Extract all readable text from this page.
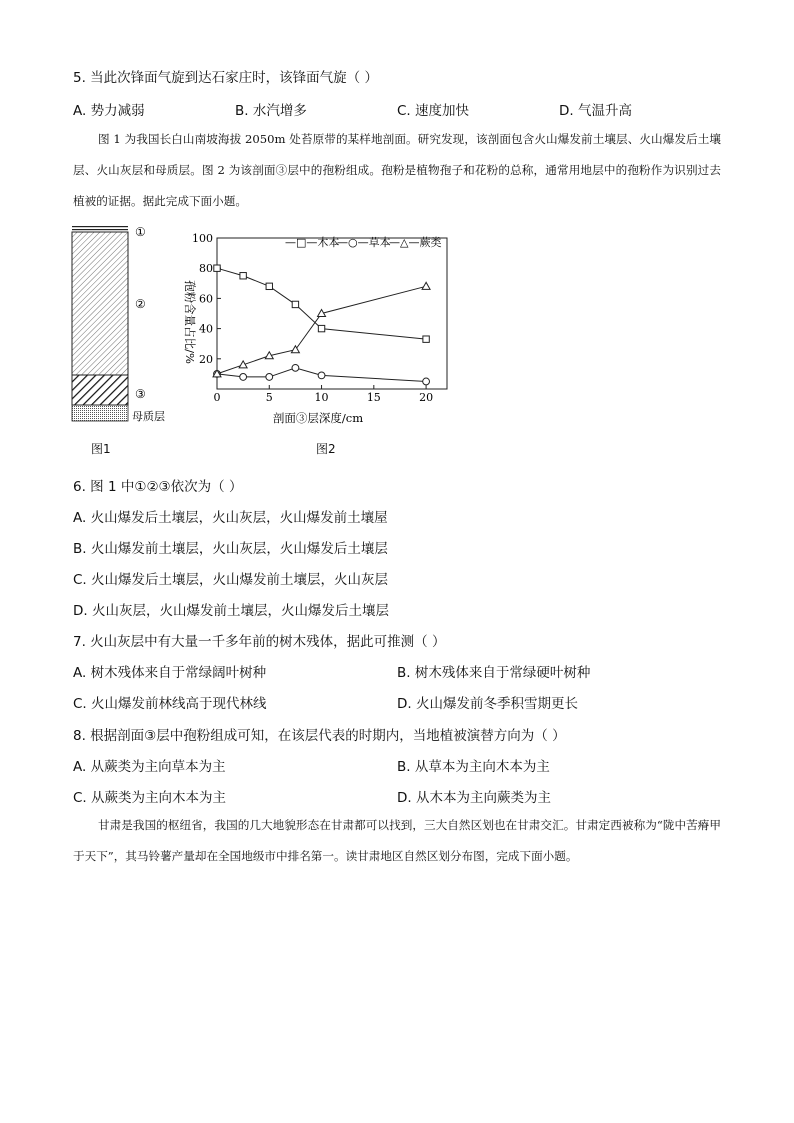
5. 当此次锋面气旋到达石家庄时，该锋面气旋（ ）
A. 势力减弱	B. 水汽增多	C. 速度加快	D. 气温升高
图 1 为我国长白山南坡海拔 2050m 处苔原带的某样地剖面。研究发现，该剖面包含火山爆发前土壤层、火山爆发后土壤层、火山灰层和母质层。图 2 为该剖面③层中的孢粉组成。孢粉是植物孢子和花粉的总称，通常用地层中的孢粉作为识别过去植被的证据。据此完成下面小题。
①
②
③
母质层
图1
0	5	10	15	20
20
40
60
80
100	—□—木本
—○—草本
—△—蕨类
剖面③层深度/cm
孢粉含量占比/%
图2
6. 图 1 中①②③依次为（ ）
A. 火山爆发后土壤层，火山灰层，火山爆发前土壤屋
B. 火山爆发前土壤层，火山灰层，火山爆发后土壤层
C. 火山爆发后土壤层，火山爆发前土壤层，火山灰层
D. 火山灰层，火山爆发前土壤层，火山爆发后土壤层
7. 火山灰层中有大量一千多年前的树木残体，据此可推测（ ）
A. 树木残体来自于常绿阔叶树种	B. 树木残体来自于常绿硬叶树种
C. 火山爆发前林线高于现代林线	D. 火山爆发前冬季积雪期更长
8. 根据剖面③层中孢粉组成可知，在该层代表的时期内，当地植被演替方向为（ ）
A. 从蕨类为主向草本为主	B. 从草本为主向木本为主
C. 从蕨类为主向木本为主	D. 从木本为主向蕨类为主
甘肃是我国的枢纽省，我国的几大地貌形态在甘肃都可以找到，三大自然区划也在甘肃交汇。甘肃定西被称为“陇中苦瘠甲于天下”，其马铃薯产量却在全国地级市中排名第一。读甘肃地区自然区划分布图，完成下面小题。
